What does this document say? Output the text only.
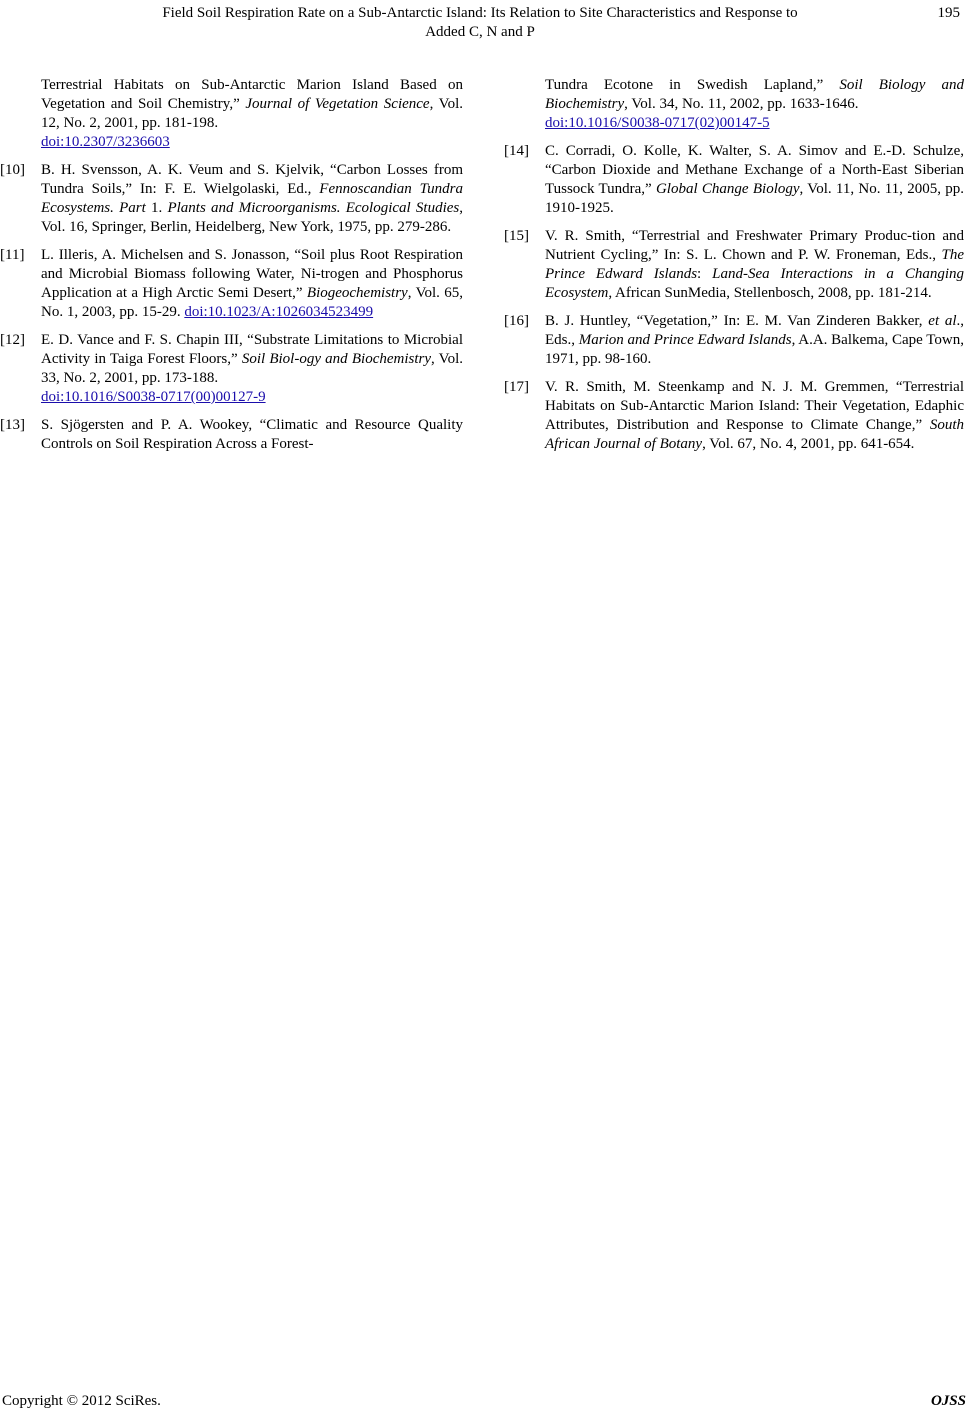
Field Soil Respiration Rate on a Sub-Antarctic Island: Its Relation to Site Characteristics and Response to
Added C, N and P
195
Terrestrial Habitats on Sub-Antarctic Marion Island Based on Vegetation and Soil Chemistry,” Journal of Vegetation Science, Vol. 12, No. 2, 2001, pp. 181-198.
doi:10.2307/3236603
[10] B. H. Svensson, A. K. Veum and S. Kjelvik, “Carbon Losses from Tundra Soils,” In: F. E. Wielgolaski, Ed., Fennoscandian Tundra Ecosystems. Part 1. Plants and Microorganisms. Ecological Studies, Vol. 16, Springer, Berlin, Heidelberg, New York, 1975, pp. 279-286.
[11] L. Illeris, A. Michelsen and S. Jonasson, “Soil plus Root Respiration and Microbial Biomass following Water, Ni-trogen and Phosphorus Application at a High Arctic Semi Desert,” Biogeochemistry, Vol. 65, No. 1, 2003, pp. 15-29. doi:10.1023/A:1026034523499
[12] E. D. Vance and F. S. Chapin III, “Substrate Limitations to Microbial Activity in Taiga Forest Floors,” Soil Biol-ogy and Biochemistry, Vol. 33, No. 2, 2001, pp. 173-188.
doi:10.1016/S0038-0717(00)00127-9
[13] S. Sjögersten and P. A. Wookey, “Climatic and Resource Quality Controls on Soil Respiration Across a Forest-
Tundra Ecotone in Swedish Lapland,” Soil Biology and Biochemistry, Vol. 34, No. 11, 2002, pp. 1633-1646.
doi:10.1016/S0038-0717(02)00147-5
[14] C. Corradi, O. Kolle, K. Walter, S. A. Simov and E.-D. Schulze, “Carbon Dioxide and Methane Exchange of a North-East Siberian Tussock Tundra,” Global Change Biology, Vol. 11, No. 11, 2005, pp. 1910-1925.
[15] V. R. Smith, “Terrestrial and Freshwater Primary Produc-tion and Nutrient Cycling,” In: S. L. Chown and P. W. Froneman, Eds., The Prince Edward Islands: Land-Sea Interactions in a Changing Ecosystem, African SunMedia, Stellenbosch, 2008, pp. 181-214.
[16] B. J. Huntley, “Vegetation,” In: E. M. Van Zinderen Bakker, et al., Eds., Marion and Prince Edward Islands, A.A. Balkema, Cape Town, 1971, pp. 98-160.
[17] V. R. Smith, M. Steenkamp and N. J. M. Gremmen, “Terrestrial Habitats on Sub-Antarctic Marion Island: Their Vegetation, Edaphic Attributes, Distribution and Response to Climate Change,” South African Journal of Botany, Vol. 67, No. 4, 2001, pp. 641-654.
Copyright © 2012 SciRes.	OJSS
